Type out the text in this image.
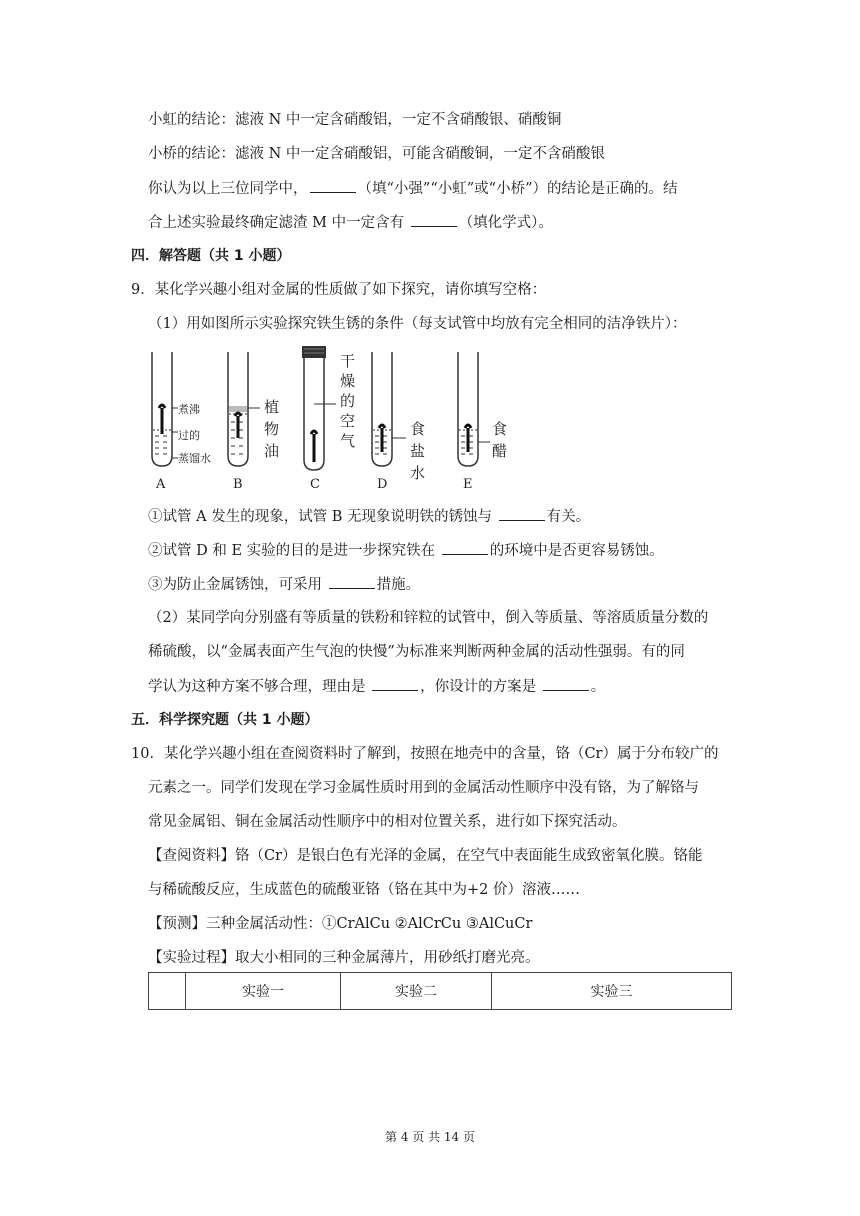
小虹的结论：滤液 N 中一定含硝酸铝，一定不含硝酸银、硝酸铜
小桥的结论：滤液 N 中一定含硝酸铝，可能含硝酸铜，一定不含硝酸银
你认为以上三位同学中，	（填“小强”“小虹”或“小桥”）的结论是正确的。结
合上述实验最终确定滤渣 M 中一定含有	（填化学式）。
四．解答题（共 1 小题）
9．某化学兴趣小组对金属的性质做了如下探究，请你填写空格：
（1）用如图所示实验探究铁生锈的条件（每支试管中均放有完全相同的洁净铁片）：
煮沸
过的
蒸馏水
A
植
物
油
B
干
燥
的
空
气
C
食
盐
水
D
食
醋
E
①试管 A 发生的现象，试管 B 无现象说明铁的锈蚀与	有关。
②试管 D 和 E 实验的目的是进一步探究铁在	的环境中是否更容易锈蚀。
③为防止金属锈蚀，可采用	措施。
（2）某同学向分别盛有等质量的铁粉和锌粒的试管中，倒入等质量、等溶质质量分数的
稀硫酸，以“金属表面产生气泡的快慢”为标准来判断两种金属的活动性强弱。有的同
学认为这种方案不够合理，理由是	，你设计的方案是	。
五．科学探究题（共 1 小题）
10．某化学兴趣小组在查阅资料时了解到，按照在地壳中的含量，铬（Cr）属于分布较广的
元素之一。同学们发现在学习金属性质时用到的金属活动性顺序中没有铬，为了解铬与
常见金属铝、铜在金属活动性顺序中的相对位置关系，进行如下探究活动。
【查阅资料】铬（Cr）是银白色有光泽的金属，在空气中表面能生成致密氧化膜。铬能
与稀硫酸反应，生成蓝色的硫酸亚铬（铬在其中为+2 价）溶液……
【预测】三种金属活动性：①CrAlCu ②AlCrCu ③AlCuCr
【实验过程】取大小相同的三种金属薄片，用砂纸打磨光亮。
	实验一	实验二	实验三
第 4 页 共 14 页
